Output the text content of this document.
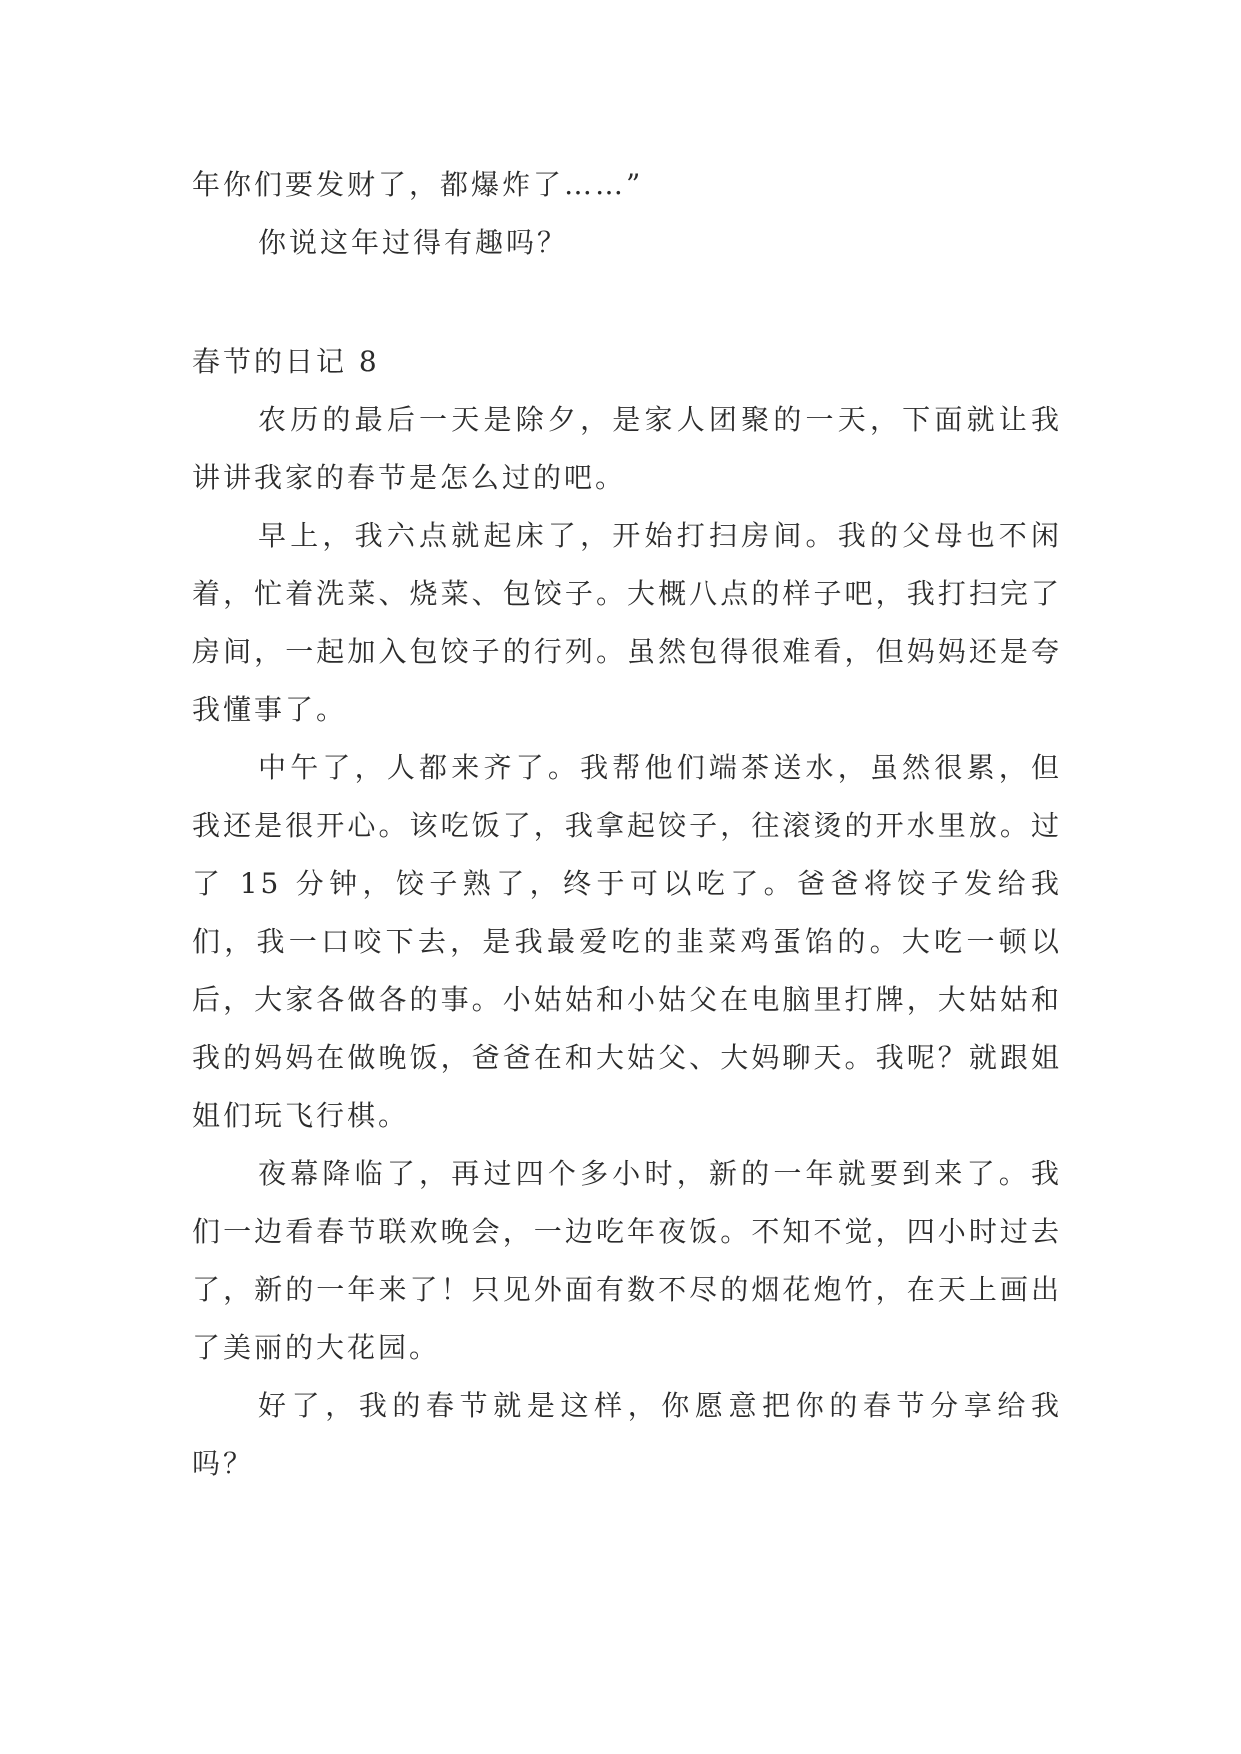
年你们要发财了，都爆炸了……”

你说这年过得有趣吗？

春节的日记 8

农历的最后一天是除夕，是家人团聚的一天，下面就让我讲讲我家的春节是怎么过的吧。

早上，我六点就起床了，开始打扫房间。我的父母也不闲着，忙着洗菜、烧菜、包饺子。大概八点的样子吧，我打扫完了房间，一起加入包饺子的行列。虽然包得很难看，但妈妈还是夸我懂事了。

中午了，人都来齐了。我帮他们端茶送水，虽然很累，但我还是很开心。该吃饭了，我拿起饺子，往滚烫的开水里放。过了 15 分钟，饺子熟了，终于可以吃了。爸爸将饺子发给我们，我一口咬下去，是我最爱吃的韭菜鸡蛋馅的。大吃一顿以后，大家各做各的事。小姑姑和小姑父在电脑里打牌，大姑姑和我的妈妈在做晚饭，爸爸在和大姑父、大妈聊天。我呢？就跟姐姐们玩飞行棋。

夜幕降临了，再过四个多小时，新的一年就要到来了。我们一边看春节联欢晚会，一边吃年夜饭。不知不觉，四小时过去了，新的一年来了！只见外面有数不尽的烟花炮竹，在天上画出了美丽的大花园。

好了，我的春节就是这样，你愿意把你的春节分享给我吗？
